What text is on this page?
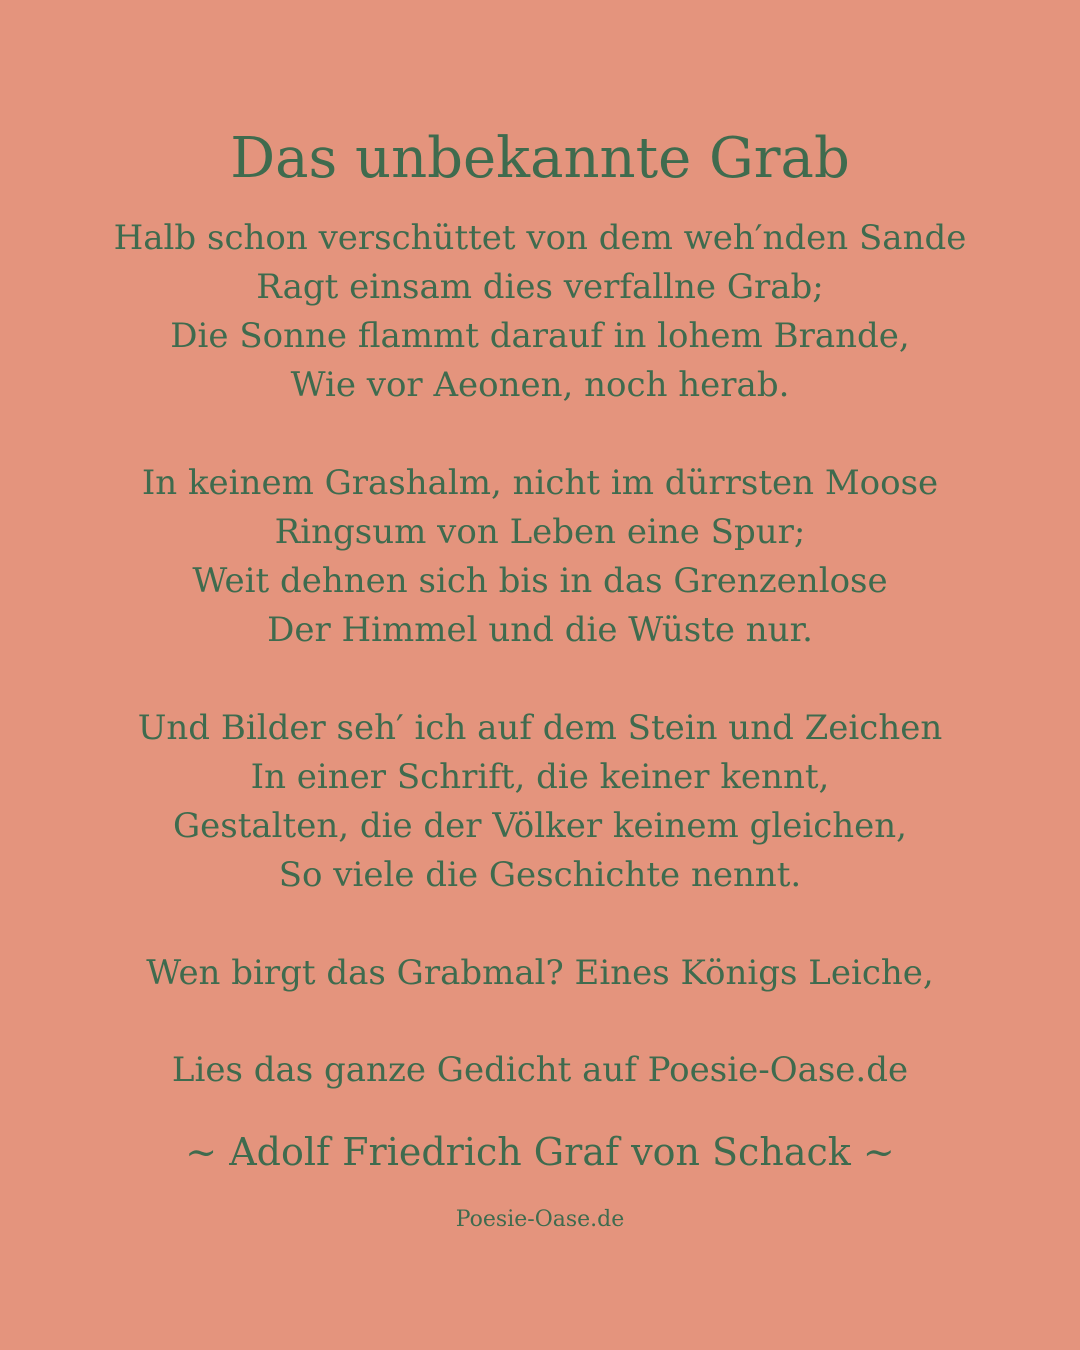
Das unbekannte Grab
Halb schon verschüttet von dem weh′nden Sande
Ragt einsam dies verfallne Grab;
Die Sonne flammt darauf in lohem Brande,
Wie vor Aeonen, noch herab.
In keinem Grashalm, nicht im dürrsten Moose
Ringsum von Leben eine Spur;
Weit dehnen sich bis in das Grenzenlose
Der Himmel und die Wüste nur.
Und Bilder seh′ ich auf dem Stein und Zeichen
In einer Schrift, die keiner kennt,
Gestalten, die der Völker keinem gleichen,
So viele die Geschichte nennt.
Wen birgt das Grabmal? Eines Königs Leiche,
Lies das ganze Gedicht auf Poesie-Oase.de
~ Adolf Friedrich Graf von Schack ~
Poesie-Oase.de
